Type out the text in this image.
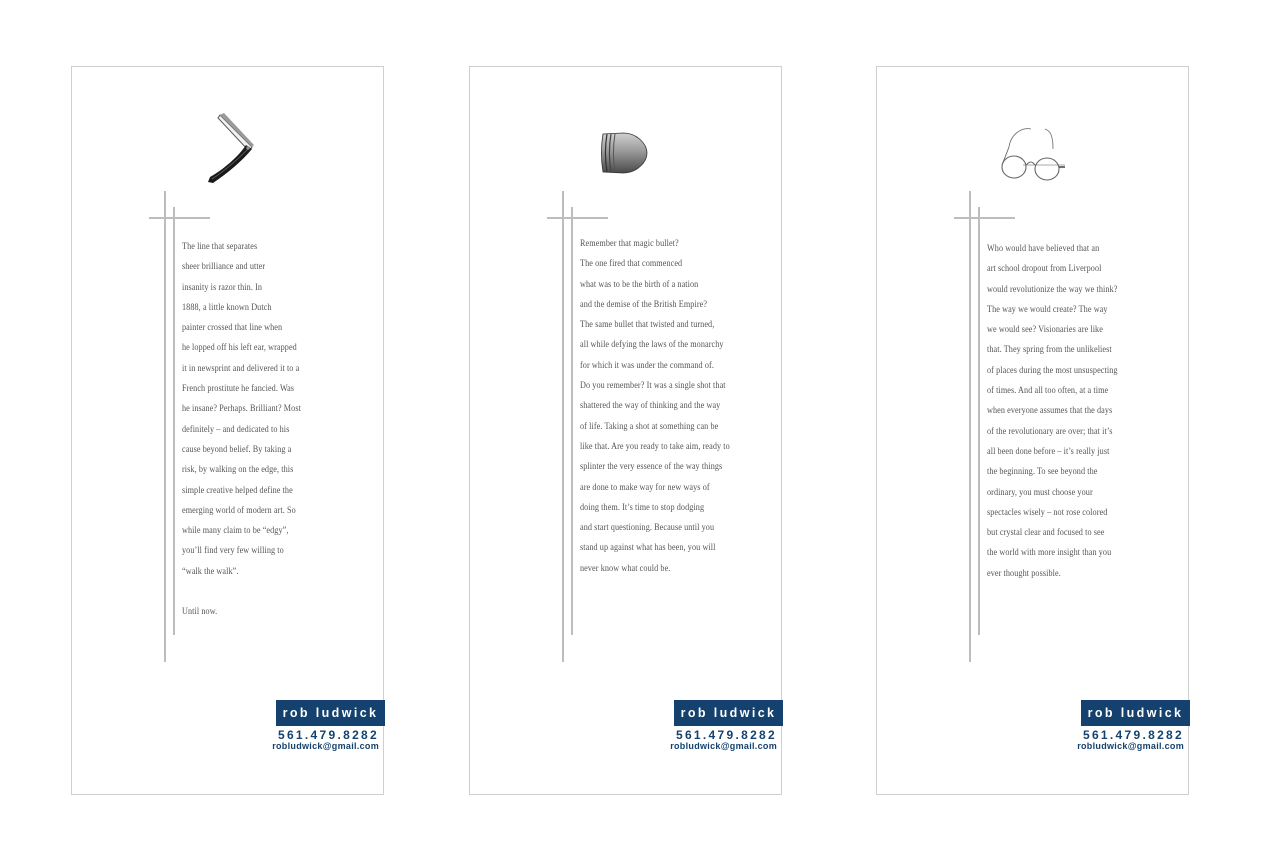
The line that separates
sheer brilliance and utter
insanity is razor thin. In
1888, a little known Dutch
painter crossed that line when
he lopped off his left ear, wrapped
it in newsprint and delivered it to a
French prostitute he fancied. Was
he insane? Perhaps. Brilliant? Most
definitely – and dedicated to his
cause beyond belief. By taking a
risk, by walking on the edge, this
simple creative helped define the
emerging world of modern art. So
while many claim to be “edgy”,
you’ll find very few willing to
“walk the walk”.
Until now.
rob ludwick
561.479.8282
robludwick@gmail.com
Remember that magic bullet?
The one fired that commenced
what was to be the birth of a nation
and the demise of the British Empire?
The same bullet that twisted and turned,
all while defying the laws of the monarchy
for which it was under the command of.
Do you remember? It was a single shot that
shattered the way of thinking and the way
of life. Taking a shot at something can be
like that. Are you ready to take aim, ready to
splinter the very essence of the way things
are done to make way for new ways of
doing them. It’s time to stop dodging
and start questioning. Because until you
stand up against what has been, you will
never know what could be.
rob ludwick
561.479.8282
robludwick@gmail.com
Who would have believed that an
art school dropout from Liverpool
would revolutionize the way we think?
The way we would create? The way
we would see? Visionaries are like
that. They spring from the unlikeliest
of places during the most unsuspecting
of times. And all too often, at a time
when everyone assumes that the days
of the revolutionary are over; that it’s
all been done before – it’s really just
the beginning. To see beyond the
ordinary, you must choose your
spectacles wisely – not rose colored
but crystal clear and focused to see
the world with more insight than you
ever thought possible.
rob ludwick
561.479.8282
robludwick@gmail.com
